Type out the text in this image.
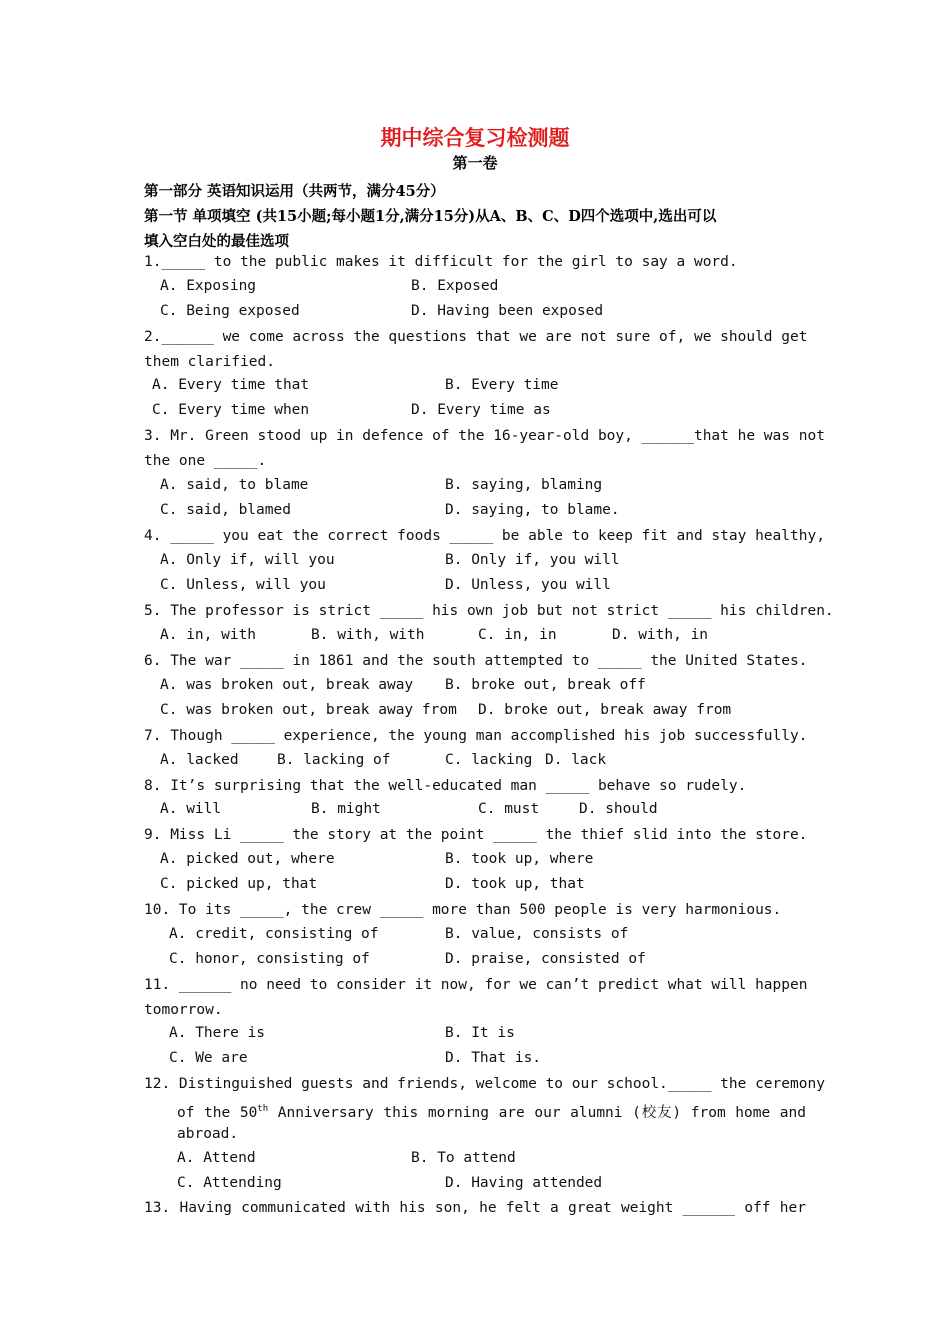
期中综合复习检测题
第一卷
第一部分 英语知识运用（共两节，满分45分）
第一节 单项填空 (共15小题;每小题1分,满分15分)从A、B、C、D四个选项中,选出可以
填入空白处的最佳选项
1._____ to the public makes it difficult for the girl to say a word.
A. Exposing	B. Exposed
C. Being exposed	D. Having been exposed
2.______ we come across the questions that we are not sure of, we should get
them clarified.
A. Every time that	B. Every time
C. Every time when	D. Every time as
3. Mr. Green stood up in defence of the 16-year-old boy, ______that he was not
the one _____.
A. said, to blame	B. saying, blaming
C. said, blamed	D. saying, to blame.
4. _____ you eat the correct foods _____ be able to keep fit and stay healthy,
A. Only if, will you	B. Only if, you will
C. Unless, will you	D. Unless, you will
5. The professor is strict _____ his own job but not strict _____ his children.
A. in, with	B. with, with	C. in, in	D. with, in
6. The war _____ in 1861 and the south attempted to _____ the United States.
A. was broken out, break away B. broke out, break off
C. was broken out, break away from D. broke out, break away from
7. Though _____ experience, the young man accomplished his job successfully.
A. lacked	B. lacking of	C. lacking D. lack
8. It’s surprising that the well-educated man _____ behave so rudely.
A. will	B. might	C. must	D. should
9. Miss Li _____ the story at the point _____ the thief slid into the store.
A. picked out, where	B. took up, where
C. picked up, that	D. took up, that
10. To its _____, the crew _____ more than 500 people is very harmonious.
A. credit, consisting of	B. value, consists of
C. honor, consisting of	D. praise, consisted of
11. ______ no need to consider it now, for we can’t predict what will happen
tomorrow.
A. There is	B. It is
C. We are	D. That is.
12. Distinguished guests and friends, welcome to our school._____ the ceremony
of the 50th Anniversary this morning are our alumni (校友) from home and
abroad.
A. Attend	B. To attend
C. Attending	D. Having attended
13. Having communicated with his son, he felt a great weight ______ off her
